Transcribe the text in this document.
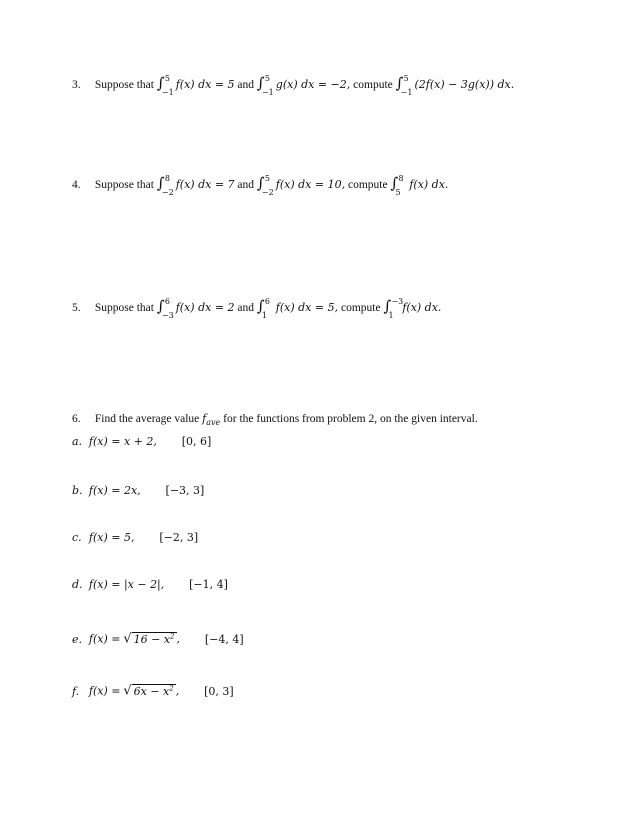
3. Suppose that ∫ 5
−1
f(x) dx = 5 and ∫ 5
−1
g(x) dx = −2, compute ∫ 5
−1
(2f(x) − 3g(x)) dx.
4. Suppose that ∫ 8
−2
f(x) dx = 7 and ∫ 5
−2
f(x) dx = 10, compute ∫ 8
5
f(x) dx.
5. Suppose that ∫ 6
−3
f(x) dx = 2 and ∫ 6
1
f(x) dx = 5, compute ∫ −3
1
f(x) dx.
6. Find the average value $f_{ave}$ for the functions from problem 2, on the given interval.
a. f(x) = x + 2, [0, 6]
b. f(x) = 2x, [−3, 3]
c. f(x) = 5, [−2, 3]
d. f(x) = |x − 2|, [−1, 4]
e. f(x) = √ $16 - x^2$ , [−4, 4]
f. f(x) = √ $6x - x^2$ , [0, 3]
